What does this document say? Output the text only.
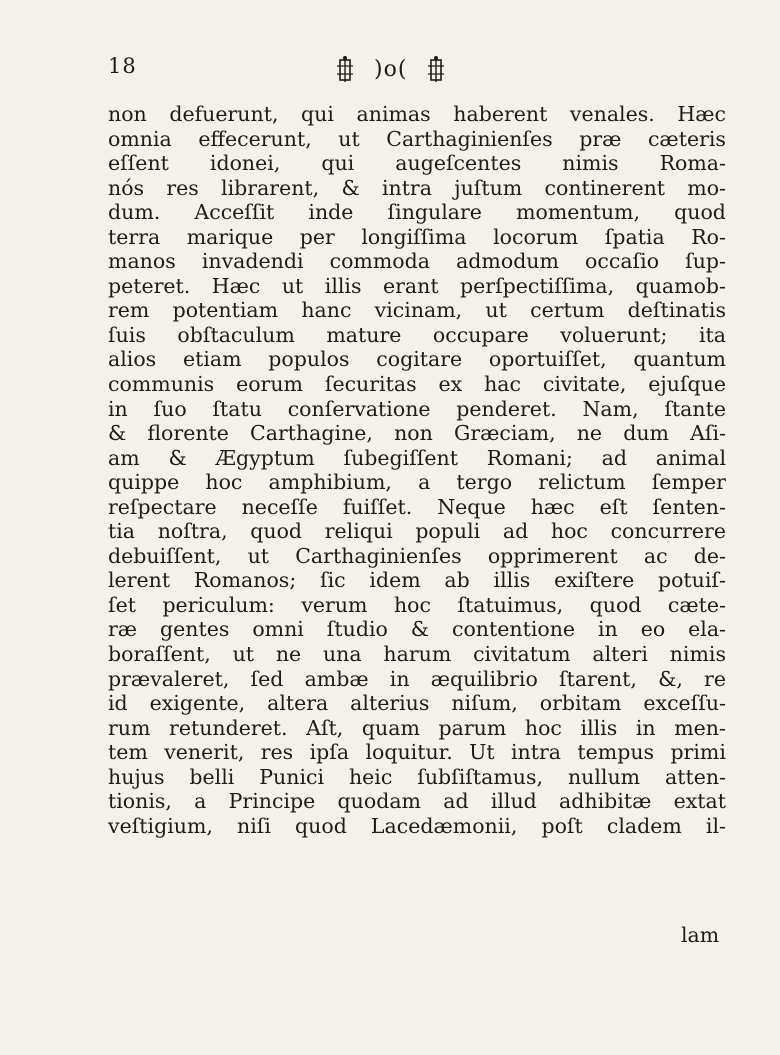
18	)o(
non defuerunt, qui animas haberent venales. Hæc
omnia effecerunt, ut Carthaginienſes præ cæteris
eſſent idonei, qui augeſcentes nimis Roma-
nós res librarent, & intra juſtum continerent mo-
dum. Acceſſit inde ſingulare momentum, quod
terra marique per longiſſima locorum ſpatia Ro-
manos invadendi commoda admodum occaſio ſup-
peteret. Hæc ut illis erant perſpectiſſima, quamob-
rem potentiam hanc vicinam, ut certum deſtinatis
ſuis obſtaculum mature occupare voluerunt; ita
alios etiam populos cogitare oportuiſſet, quantum
communis eorum ſecuritas ex hac civitate, ejuſque
in ſuo ſtatu conſervatione penderet. Nam, ſtante
& florente Carthagine, non Græciam, ne dum Aſi-
am & Ægyptum ſubegiſſent Romani; ad animal
quippe hoc amphibium, a tergo relictum ſemper
reſpectare neceſſe fuiſſet. Neque hæc eſt ſenten-
tia noſtra, quod reliqui populi ad hoc concurrere
debuiſſent, ut Carthaginienſes opprimerent ac de-
lerent Romanos; ſic idem ab illis exiſtere potuiſ-
ſet periculum: verum hoc ſtatuimus, quod cæte-
ræ gentes omni ſtudio & contentione in eo ela-
boraſſent, ut ne una harum civitatum alteri nimis
prævaleret, ſed ambæ in æquilibrio ſtarent, &, re
id exigente, altera alterius niſum, orbitam exceſſu-
rum retunderet. Aſt, quam parum hoc illis in men-
tem venerit, res ipſa loquitur. Ut intra tempus primi
hujus belli Punici heic ſubſiſtamus, nullum atten-
tionis, a Principe quodam ad illud adhibitæ extat
veſtigium, niſi quod Lacedæmonii, poſt cladem il-
lam
